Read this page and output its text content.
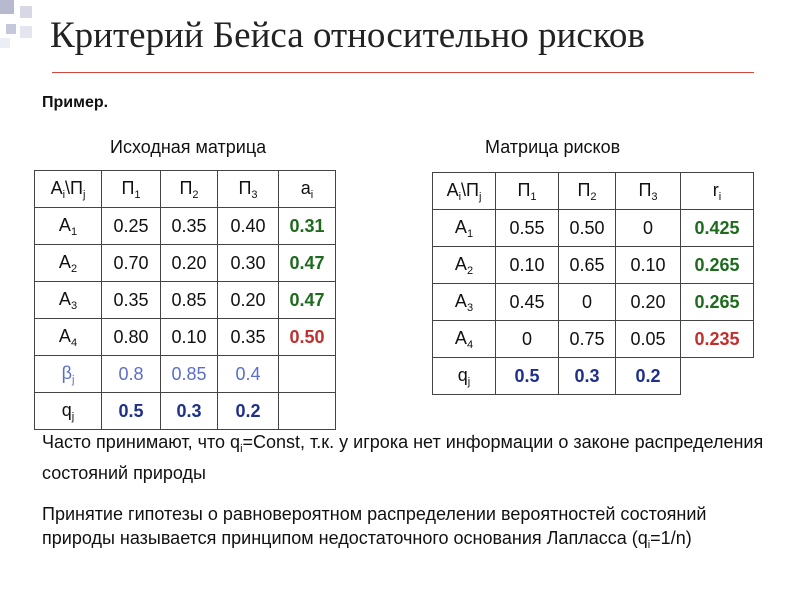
Критерий Бейса относительно рисков
Пример.
Исходная матрица	Матрица рисков
$А_i\backslash П_j$	$П_1$	$П_2$	$П_3$	$a_i$
$А_1$	0.25	0.35	0.40	0.31
$А_2$	0.70	0.20	0.30	0.47
$А_3$	0.35	0.85	0.20	0.47
$А_4$	0.80	0.10	0.35	0.50
$\beta_j$	0.8	0.85	0.4	
$q_j$	0.5	0.3	0.2	
$А_i\backslash П_j$	$П_1$	$П_2$	$П_3$	$r_i$
$А_1$	0.55	0.50	0	0.425
$А_2$	0.10	0.65	0.10	0.265
$А_3$	0.45	0	0.20	0.265
$А_4$	0	0.75	0.05	0.235
$q_j$	0.5	0.3	0.2	
Часто принимают, что $q_i=Const$, т.к. у игрока нет информации о законе распределения состояний природы
Принятие гипотезы о равновероятном распределении вероятностей состояний природы называется принципом недостаточного основания Лапласса $(q_i=1/n)$
